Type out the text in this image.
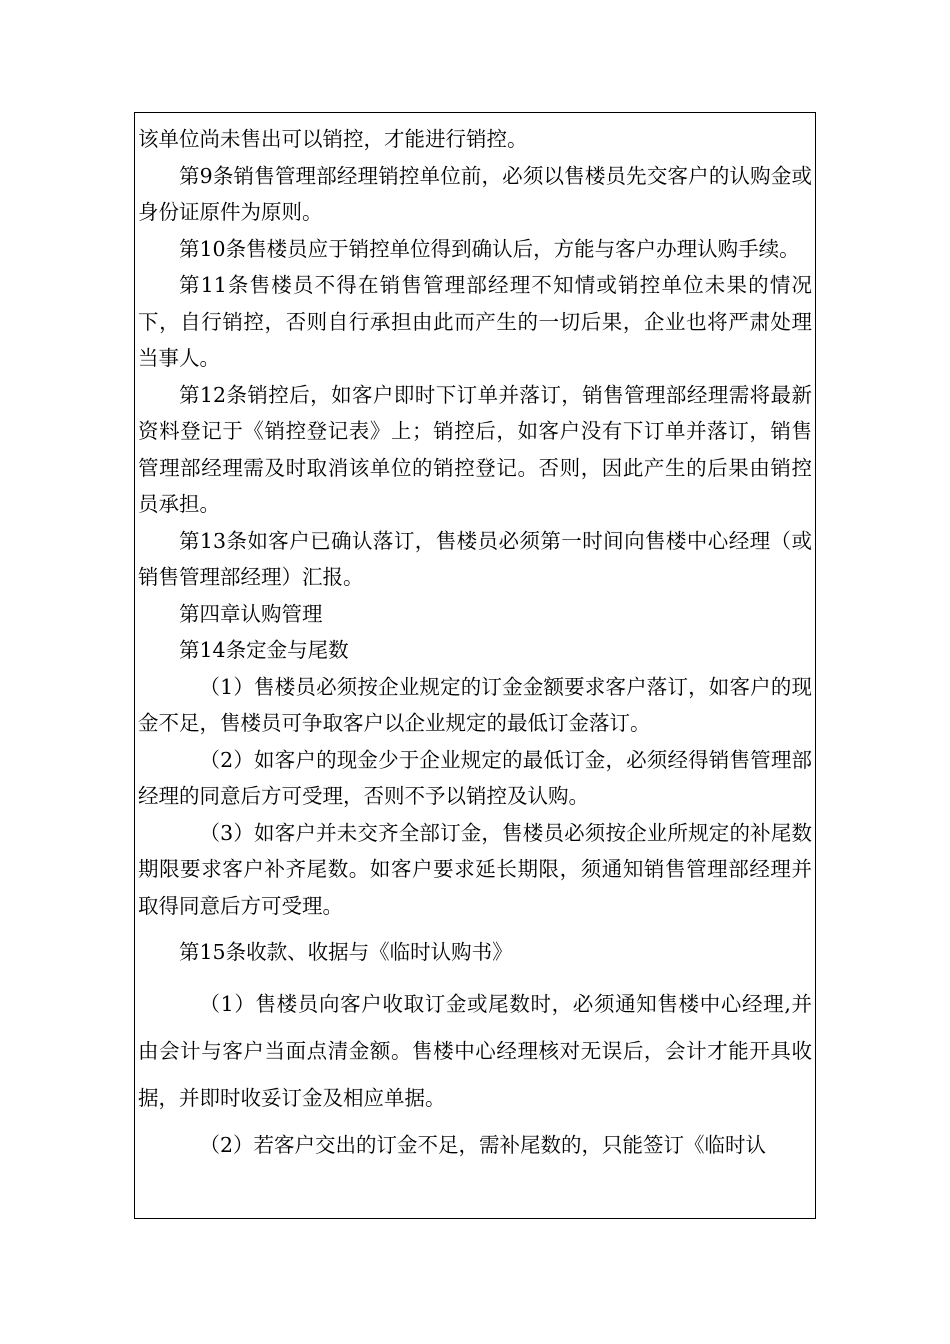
该单位尚未售出可以销控，才能进行销控。

第9条销售管理部经理销控单位前，必须以售楼员先交客户的认购金或身份证原件为原则。

第10条售楼员应于销控单位得到确认后，方能与客户办理认购手续。

第11条售楼员不得在销售管理部经理不知情或销控单位未果的情况下，自行销控，否则自行承担由此而产生的一切后果，企业也将严肃处理当事人。

第12条销控后，如客户即时下订单并落订，销售管理部经理需将最新资料登记于《销控登记表》上；销控后，如客户没有下订单并落订，销售管理部经理需及时取消该单位的销控登记。否则，因此产生的后果由销控员承担。

第13条如客户已确认落订，售楼员必须第一时间向售楼中心经理（或销售管理部经理）汇报。

第四章认购管理

第14条定金与尾数

（1）售楼员必须按企业规定的订金金额要求客户落订，如客户的现金不足，售楼员可争取客户以企业规定的最低订金落订。

（2）如客户的现金少于企业规定的最低订金，必须经得销售管理部经理的同意后方可受理，否则不予以销控及认购。

（3）如客户并未交齐全部订金，售楼员必须按企业所规定的补尾数期限要求客户补齐尾数。如客户要求延长期限，须通知销售管理部经理并取得同意后方可受理。

第15条收款、收据与《临时认购书》

（1）售楼员向客户收取订金或尾数时，必须通知售楼中心经理,并由会计与客户当面点清金额。售楼中心经理核对无误后，会计才能开具收据，并即时收妥订金及相应单据。

（2）若客户交出的订金不足，需补尾数的，只能签订《临时认
